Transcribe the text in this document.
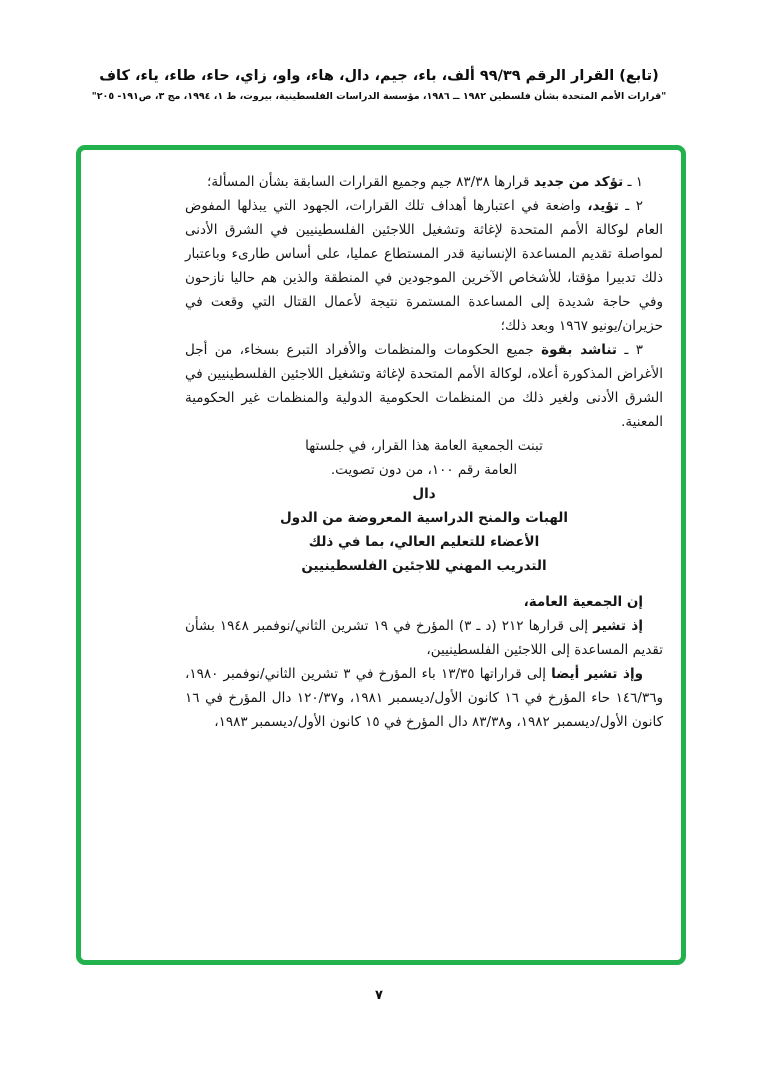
(تابع) القرار الرقم ٩٩/٣٩ ألف، باء، جيم، دال، هاء، واو، زاي، حاء، طاء، ياء، كاف
"قرارات الأمم المتحدة بشأن فلسطين ١٩٨٢ ــ ١٩٨٦، مؤسسة الدراسات الفلسطينية، بيروت، ط ١، ١٩٩٤، مج ٣، ص١٩١- ٢٠٥"

١ ـ تؤكد من جديد قرارها ٨٣/٣٨ جيم وجميع القرارات السابقة بشأن المسألة؛

٢ ـ تؤيد، واضعة في اعتبارها أهداف تلك القرارات، الجهود التي يبذلها المفوض العام لوكالة الأمم المتحدة لإغاثة وتشغيل اللاجئين الفلسطينيين في الشرق الأدنى لمواصلة تقديم المساعدة الإنسانية قدر المستطاع عمليا، على أساس طارىء وباعتبار ذلك تدبيرا مؤقتا، للأشخاص الآخرين الموجودين في المنطقة والذين هم حاليا نازحون وفي حاجة شديدة إلى المساعدة المستمرة نتيجة لأعمال القتال التي وقعت في حزيران/يونيو ١٩٦٧ وبعد ذلك؛

٣ ـ تناشد بقوة جميع الحكومات والمنظمات والأفراد التبرع بسخاء، من أجل الأغراض المذكورة أعلاه، لوكالة الأمم المتحدة لإغاثة وتشغيل اللاجئين الفلسطينيين في الشرق الأدنى ولغير ذلك من المنظمات الحكومية الدولية والمنظمات غير الحكومية المعنية.

تبنت الجمعية العامة هذا القرار، في جلستها العامة رقم ١٠٠، من دون تصويت.

دال

الهبات والمنح الدراسية المعروضة من الدول

الأعضاء للتعليم العالي، بما في ذلك

التدريب المهني للاجئين الفلسطينيين

إن الجمعية العامة،

إذ تشير إلى قرارها ٢١٢ (د ـ ٣) المؤرخ في ١٩ تشرين الثاني/نوفمبر ١٩٤٨ بشأن تقديم المساعدة إلى اللاجئين الفلسطينيين،

وإذ تشير أيضا إلى قراراتها ١٣/٣٥ باء المؤرخ في ٣ تشرين الثاني/نوفمبر ١٩٨٠، و١٤٦/٣٦ حاء المؤرخ في ١٦ كانون الأول/ديسمبر ١٩٨١، و١٢٠/٣٧ دال المؤرخ في ١٦ كانون الأول/ديسمبر ١٩٨٢، و٨٣/٣٨ دال المؤرخ في ١٥ كانون الأول/ديسمبر ١٩٨٣،

٧
